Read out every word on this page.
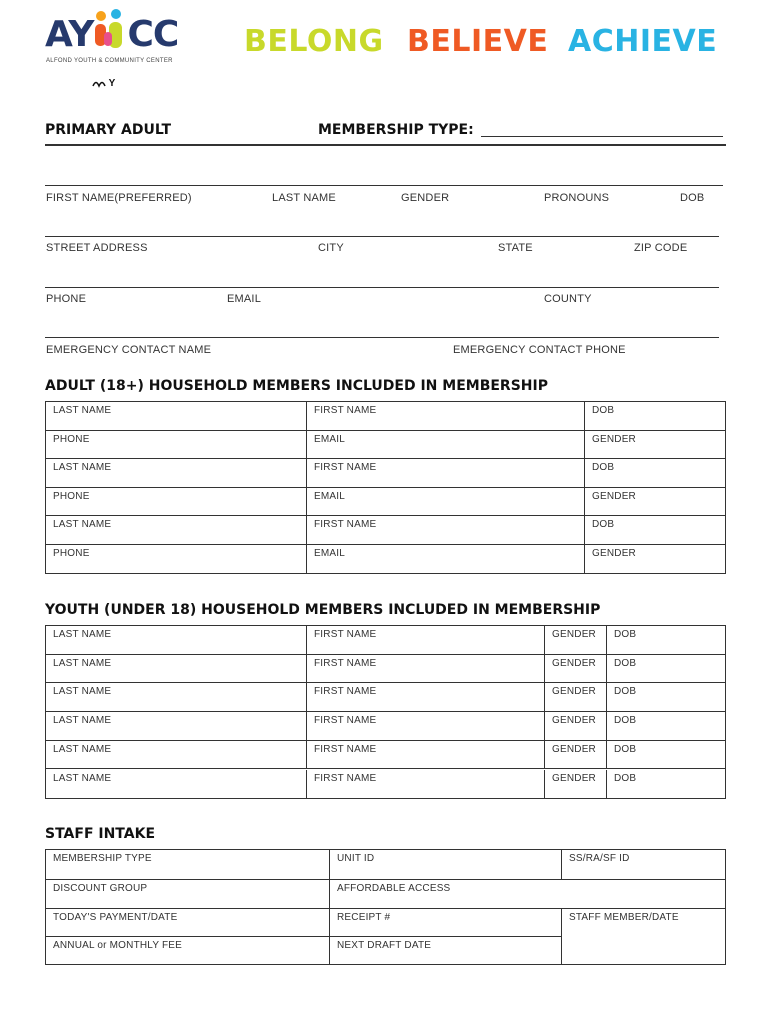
AY CC
ALFOND YOUTH & COMMUNITY CENTER
Y
BELONG BELIEVE ACHIEVE
PRIMARY ADULT	MEMBERSHIP TYPE:
FIRST NAME(PREFERRED)	LAST NAME	GENDER	PRONOUNS	DOB
STREET ADDRESS	CITY	STATE	ZIP CODE
PHONE	EMAIL	COUNTY
EMERGENCY CONTACT NAME	EMERGENCY CONTACT PHONE
ADULT (18+) HOUSEHOLD MEMBERS INCLUDED IN MEMBERSHIP
LAST NAME	FIRST NAME	DOB
PHONE	EMAIL	GENDER
LAST NAME	FIRST NAME	DOB
PHONE	EMAIL	GENDER
LAST NAME	FIRST NAME	DOB
PHONE	EMAIL	GENDER
YOUTH (UNDER 18) HOUSEHOLD MEMBERS INCLUDED IN MEMBERSHIP
LAST NAME	FIRST NAME	GENDER DOB
LAST NAME	FIRST NAME	GENDER DOB
LAST NAME	FIRST NAME	GENDER DOB
LAST NAME	FIRST NAME	GENDER DOB
LAST NAME	FIRST NAME	GENDER DOB
LAST NAME	FIRST NAME	GENDER DOB
STAFF INTAKE
MEMBERSHIP TYPE	UNIT ID	SS/RA/SF ID
DISCOUNT GROUP	AFFORDABLE ACCESS
TODAY'S PAYMENT/DATE	RECEIPT #	STAFF MEMBER/DATE
ANNUAL or MONTHLY FEE	NEXT DRAFT DATE
